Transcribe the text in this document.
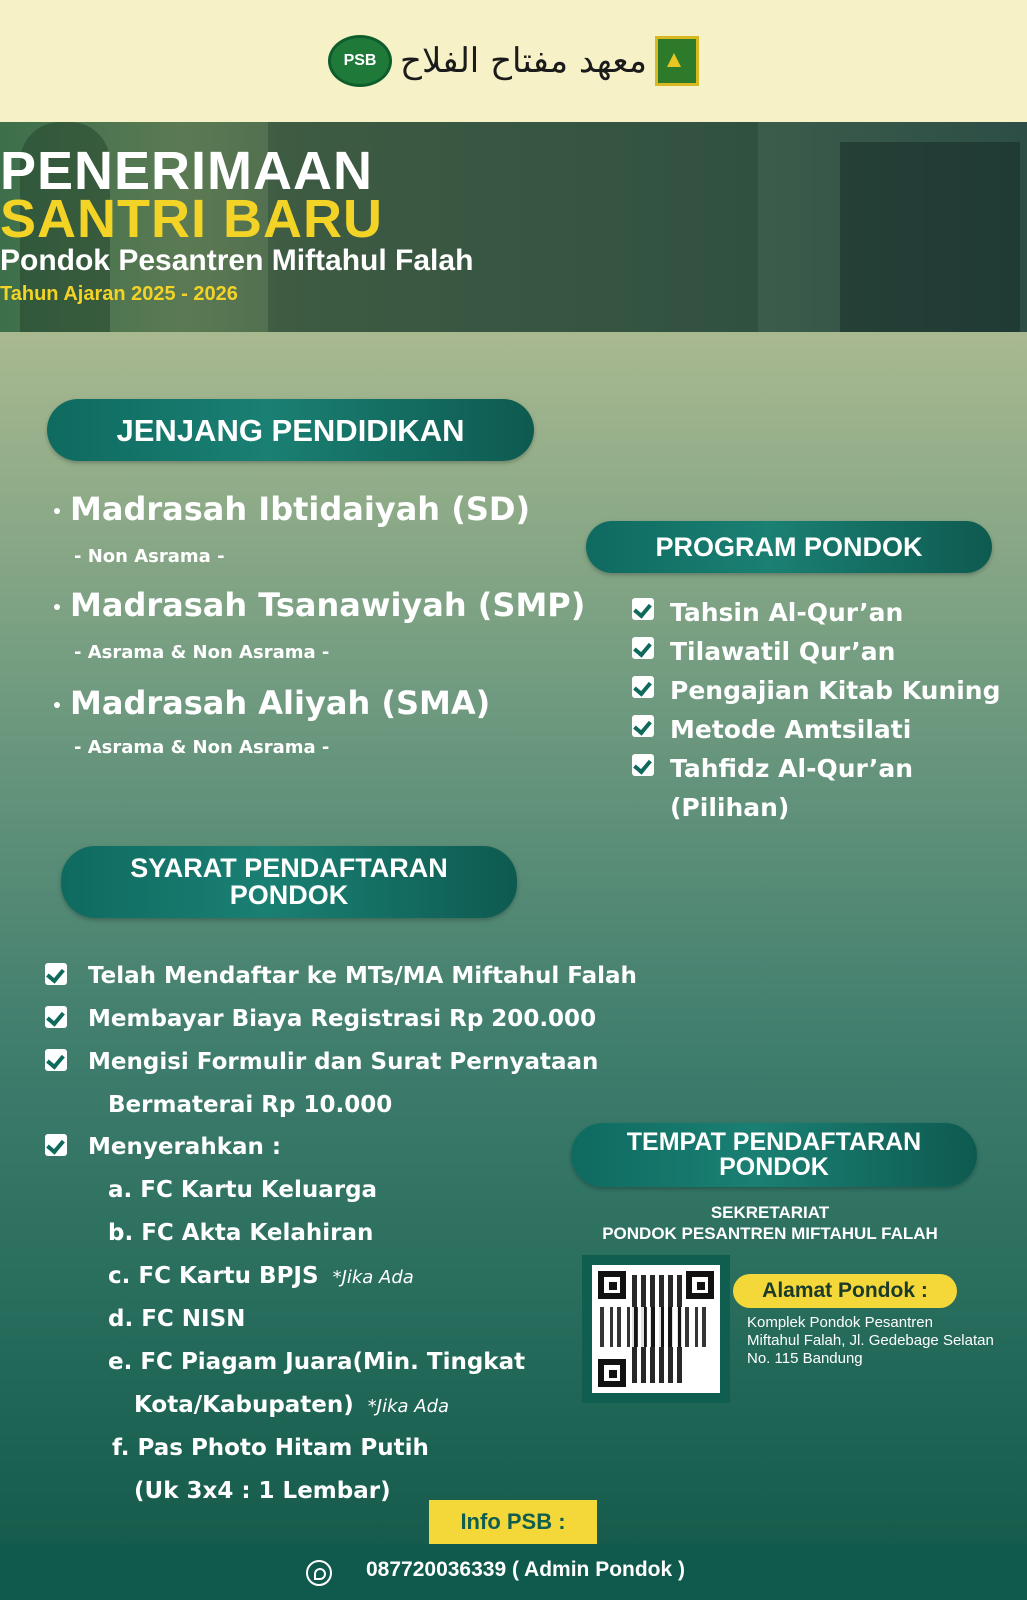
PSB معهد مفتاح الفلاح
PENERIMAAN
SANTRI BARU
Pondok Pesantren Miftahul Falah
Tahun Ajaran 2025 - 2026
JENJANG PENDIDIKAN
Madrasah Ibtidaiyah (SD)
- Non Asrama -
Madrasah Tsanawiyah (SMP)
- Asrama & Non Asrama -
Madrasah Aliyah (SMA)
- Asrama & Non Asrama -
PROGRAM PONDOK
Tahsin Al-Qur’an
Tilawatil Qur’an
Pengajian Kitab Kuning
Metode Amtsilati
Tahfidz Al-Qur’an
(Pilihan)
SYARAT PENDAFTARAN
PONDOK
Telah Mendaftar ke MTs/MA Miftahul Falah
Membayar Biaya Registrasi Rp 200.000
Mengisi Formulir dan Surat Pernyataan
Bermaterai Rp 10.000
Menyerahkan :
a. FC Kartu Keluarga
b. FC Akta Kelahiran
c. FC Kartu BPJS *Jika Ada
d. FC NISN
e. FC Piagam Juara(Min. Tingkat
Kota/Kabupaten) *Jika Ada
f. Pas Photo Hitam Putih
(Uk 3x4 : 1 Lembar)
TEMPAT PENDAFTARAN
PONDOK
SEKRETARIAT
PONDOK PESANTREN MIFTAHUL FALAH
Alamat Pondok :
Komplek Pondok Pesantren
Miftahul Falah, Jl. Gedebage Selatan
No. 115 Bandung
Info PSB :
087720036339 ( Admin Pondok )
